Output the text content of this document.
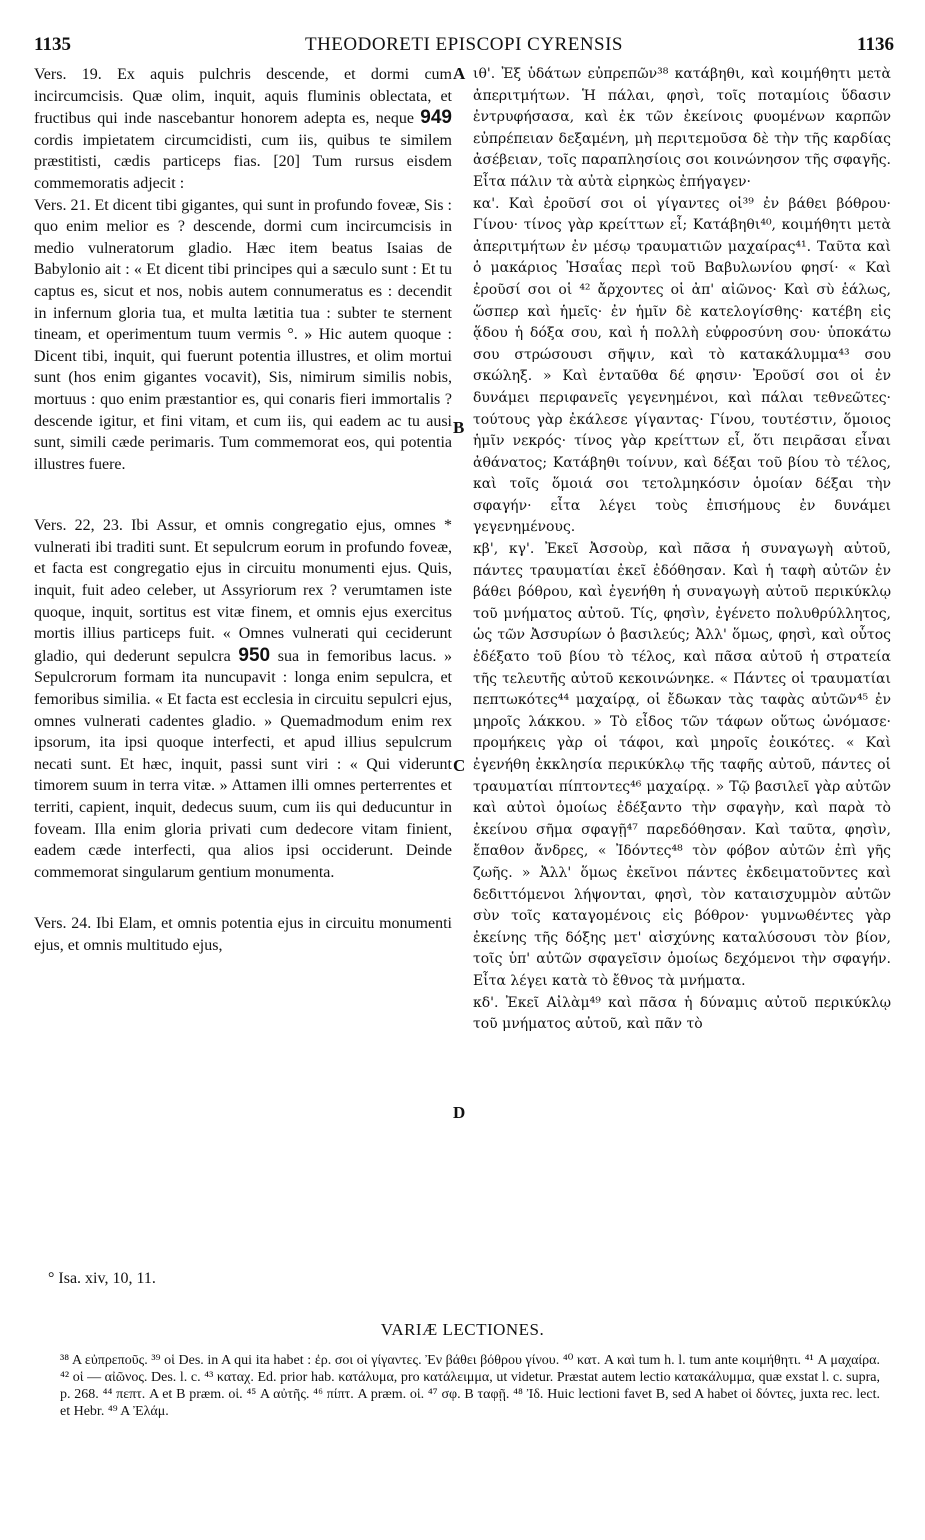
1135	THEODORETI EPISCOPI CYRENSIS	1136

Vers. 19. Ex aquis pulchris descende, et dormi cum incircumcisis. Quæ olim, inquit, aquis fluminis oblectata, et fructibus qui inde nascebantur honorem adepta es, neque 949 cordis impietatem circumcidisti, cum iis, quibus te similem præstitisti, cædis particeps fias. [20] Tum rursus eisdem commemoratis adjecit :

Vers. 21. Et dicent tibi gigantes, qui sunt in profundo foveæ, Sis : quo enim melior es ? descende, dormi cum incircumcisis in medio vulneratorum gladio. Hæc item beatus Isaias de Babylonio ait : « Et dicent tibi principes qui a sæculo sunt : Et tu captus es, sicut et nos, nobis autem connumeratus es : decendit in infernum gloria tua, et multa lætitia tua : subter te sternent tineam, et operimentum tuum vermis °. » Hic autem quoque : Dicent tibi, inquit, qui fuerunt potentia illustres, et olim mortui sunt (hos enim gigantes vocavit), Sis, nimirum similis nobis, mortuus : quo enim præstantior es, qui conaris fieri immortalis ? descende igitur, et fini vitam, et cum iis, qui eadem ac tu ausi sunt, simili cæde perimaris. Tum commemorat eos, qui potentia illustres fuere.

Vers. 22, 23. Ibi Assur, et omnis congregatio ejus, omnes * vulnerati ibi traditi sunt. Et sepulcrum eorum in profundo foveæ, et facta est congregatio ejus in circuitu monumenti ejus. Quis, inquit, fuit adeo celeber, ut Assyriorum rex ? verumtamen iste quoque, inquit, sortitus est vitæ finem, et omnis ejus exercitus mortis illius particeps fuit. « Omnes vulnerati qui ceciderunt gladio, qui dederunt sepulcra 950 sua in femoribus lacus. » Sepulcrorum formam ita nuncupavit : longa enim sepulcra, et femoribus similia. « Et facta est ecclesia in circuitu sepulcri ejus, omnes vulnerati cadentes gladio. » Quemadmodum enim rex ipsorum, ita ipsi quoque interfecti, et apud illius sepulcrum necati sunt. Et hæc, inquit, passi sunt viri : « Qui viderunt timorem suum in terra vitæ. » Attamen illi omnes perterrentes et territi, capient, inquit, dedecus suum, cum iis qui deducuntur in foveam. Illa enim gloria privati cum dedecore vitam finient, eadem cæde interfecti, qua alios ipsi occiderunt. Deinde commemorat singularum gentium monumenta.

Vers. 24. Ibi Elam, et omnis potentia ejus in circuitu monumenti ejus, et omnis multitudo ejus,

A
B
C
D

ιθ'. Ἐξ ὑδάτων εὐπρεπῶν³⁸ κατάβηθι, καὶ κοιμήθητι μετὰ ἀπεριτμήτων. Ἡ πάλαι, φησὶ, τοῖς ποταμίοις ὕδασιν ἐντρυφήσασα, καὶ ἐκ τῶν ἐκείνοις φυομένων καρπῶν εὐπρέπειαν δεξαμένη, μὴ περιτεμοῦσα δὲ τὴν τῆς καρδίας ἀσέβειαν, τοῖς παραπλησίοις σοι κοινώνησον τῆς σφαγῆς. Εἶτα πάλιν τὰ αὐτὰ εἰρηκὼς ἐπήγαγεν·

κα'. Καὶ ἐροῦσί σοι οἱ γίγαντες οἱ³⁹ ἐν βάθει βόθρου· Γίνου· τίνος γὰρ κρείττων εἶ; Κατάβηθι⁴⁰, κοιμήθητι μετὰ ἀπεριτμήτων ἐν μέσῳ τραυματιῶν μαχαίρας⁴¹. Ταῦτα καὶ ὁ μακάριος Ἡσαΐας περὶ τοῦ Βαβυλωνίου φησί· « Καὶ ἐροῦσί σοι οἱ ⁴² ἄρχοντες οἱ ἀπ' αἰῶνος· Καὶ σὺ ἑάλως, ὥσπερ καὶ ἡμεῖς· ἐν ἡμῖν δὲ κατελογίσθης· κατέβη εἰς ᾅδου ἡ δόξα σου, καὶ ἡ πολλὴ εὐφροσύνη σου· ὑποκάτω σου στρώσουσι σῆψιν, καὶ τὸ κατακάλυμμα⁴³ σου σκώληξ. » Καὶ ἐνταῦθα δέ φησιν· Ἐροῦσί σοι οἱ ἐν δυνάμει περιφανεῖς γεγενημένοι, καὶ πάλαι τεθνεῶτες· τούτους γὰρ ἐκάλεσε γίγαντας· Γίνου, τουτέστιν, ὅμοιος ἡμῖν νεκρός· τίνος γὰρ κρείττων εἶ, ὅτι πειρᾶσαι εἶναι ἀθάνατος; Κατάβηθι τοίνυν, καὶ δέξαι τοῦ βίου τὸ τέλος, καὶ τοῖς ὅμοιά σοι τετολμηκόσιν ὁμοίαν δέξαι τὴν σφαγήν· εἶτα λέγει τοὺς ἐπισήμους ἐν δυνάμει γεγενημένους.

κβ', κγ'. Ἐκεῖ Ἀσσοὺρ, καὶ πᾶσα ἡ συναγωγὴ αὐτοῦ, πάντες τραυματίαι ἐκεῖ ἐδόθησαν. Καὶ ἡ ταφὴ αὐτῶν ἐν βάθει βόθρου, καὶ ἐγενήθη ἡ συναγωγὴ αὐτοῦ περικύκλῳ τοῦ μνήματος αὐτοῦ. Τίς, φησὶν, ἐγένετο πολυθρύλλητος, ὡς τῶν Ἀσσυρίων ὁ βασιλεύς; Ἀλλ' ὅμως, φησὶ, καὶ οὗτος ἐδέξατο τοῦ βίου τὸ τέλος, καὶ πᾶσα αὐτοῦ ἡ στρατεία τῆς τελευτῆς αὐτοῦ κεκοινώνηκε. « Πάντες οἱ τραυματίαι πεπτωκότες⁴⁴ μαχαίρᾳ, οἱ ἔδωκαν τὰς ταφὰς αὐτῶν⁴⁵ ἐν μηροῖς λάκκου. » Τὸ εἶδος τῶν τάφων οὕτως ὠνόμασε· προμήκεις γὰρ οἱ τάφοι, καὶ μηροῖς ἐοικότες. « Καὶ ἐγενήθη ἐκκλησία περικύκλῳ τῆς ταφῆς αὐτοῦ, πάντες οἱ τραυματίαι πίπτοντες⁴⁶ μαχαίρᾳ. » Τῷ βασιλεῖ γὰρ αὐτῶν καὶ αὐτοὶ ὁμοίως ἐδέξαντο τὴν σφαγὴν, καὶ παρὰ τὸ ἐκείνου σῆμα σφαγῇ⁴⁷ παρεδόθησαν. Καὶ ταῦτα, φησὶν, ἔπαθον ἄνδρες, « Ἰδόντες⁴⁸ τὸν φόβον αὐτῶν ἐπὶ γῆς ζωῆς. » Ἀλλ' ὅμως ἐκεῖνοι πάντες ἐκδειματοῦντες καὶ δεδιττόμενοι λήψονται, φησὶ, τὸν καταισχυμμὸν αὐτῶν σὺν τοῖς καταγομένοις εἰς βόθρον· γυμνωθέντες γὰρ ἐκείνης τῆς δόξης μετ' αἰσχύνης καταλύσουσι τὸν βίον, τοῖς ὑπ' αὐτῶν σφαγεῖσιν ὁμοίως δεχόμενοι τὴν σφαγήν. Εἶτα λέγει κατὰ τὸ ἔθνος τὰ μνήματα.

κδ'. Ἐκεῖ Αἰλὰμ⁴⁹ καὶ πᾶσα ἡ δύναμις αὐτοῦ περικύκλῳ τοῦ μνήματος αὐτοῦ, καὶ πᾶν τὸ

° Isa. xiv, 10, 11.
VARIÆ LECTIONES.

³⁸ A εὐπρεποῦς. ³⁹ οἱ Des. in A qui ita habet : ἐρ. σοι οἱ γίγαντες. Ἐν βάθει βόθρου γίνου. ⁴⁰ κατ. A καὶ tum h. l. tum ante κοιμήθητι. ⁴¹ A μαχαίρα. ⁴² οἱ — αἰῶνος. Des. l. c. ⁴³ καταχ. Ed. prior hab. κατάλυμα, pro κατάλειμμα, ut videtur. Præstat autem lectio κατακάλυμμα, quæ exstat l. c. supra, p. 268. ⁴⁴ πεπτ. A et B præm. οἱ. ⁴⁵ A αὐτῆς. ⁴⁶ πίπτ. A præm. οἱ. ⁴⁷ σφ. B ταφῇ. ⁴⁸ Ἰδ. Huic lectioni favet B, sed A habet οἱ δόντες, juxta rec. lect. et Hebr. ⁴⁹ A Ἐλάμ.
